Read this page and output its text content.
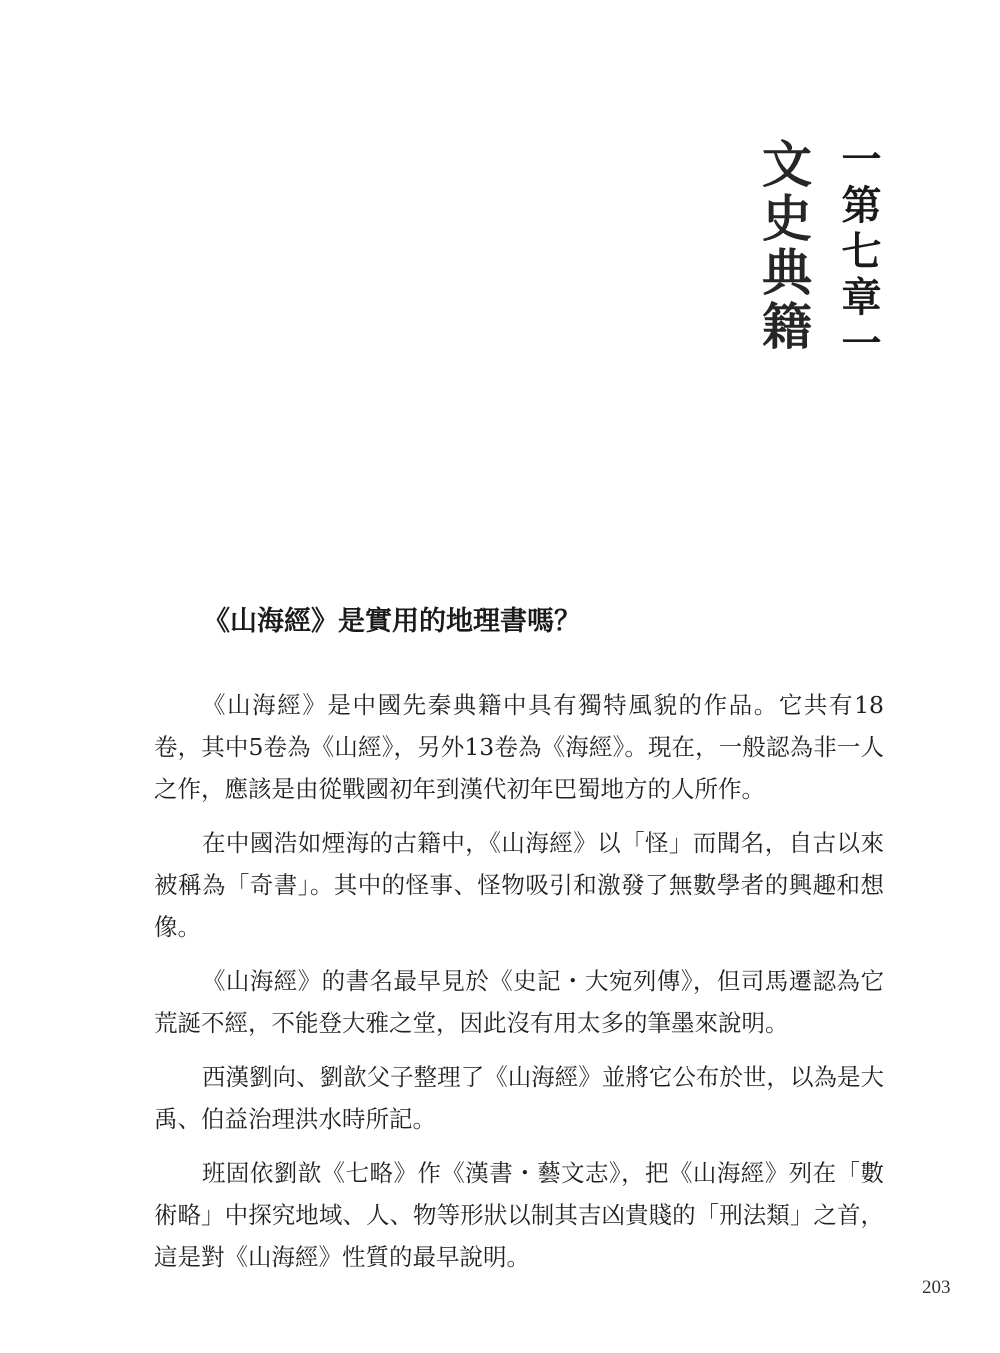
文史典籍 一第七章一
《山海經》是實用的地理書嗎？

《山海經》是中國先秦典籍中具有獨特風貌的作品。它共有18卷，其中5卷為《山經》，另外13卷為《海經》。現在，一般認為非一人之作，應該是由從戰國初年到漢代初年巴蜀地方的人所作。

在中國浩如煙海的古籍中，《山海經》以「怪」而聞名，自古以來被稱為「奇書」。其中的怪事、怪物吸引和激發了無數學者的興趣和想像。

《山海經》的書名最早見於《史記・大宛列傳》，但司馬遷認為它荒誕不經，不能登大雅之堂，因此沒有用太多的筆墨來說明。

西漢劉向、劉歆父子整理了《山海經》並將它公布於世，以為是大禹、伯益治理洪水時所記。

班固依劉歆《七略》作《漢書・藝文志》，把《山海經》列在「數術略」中探究地域、人、物等形狀以制其吉凶貴賤的「刑法類」之首，這是對《山海經》性質的最早說明。

203
